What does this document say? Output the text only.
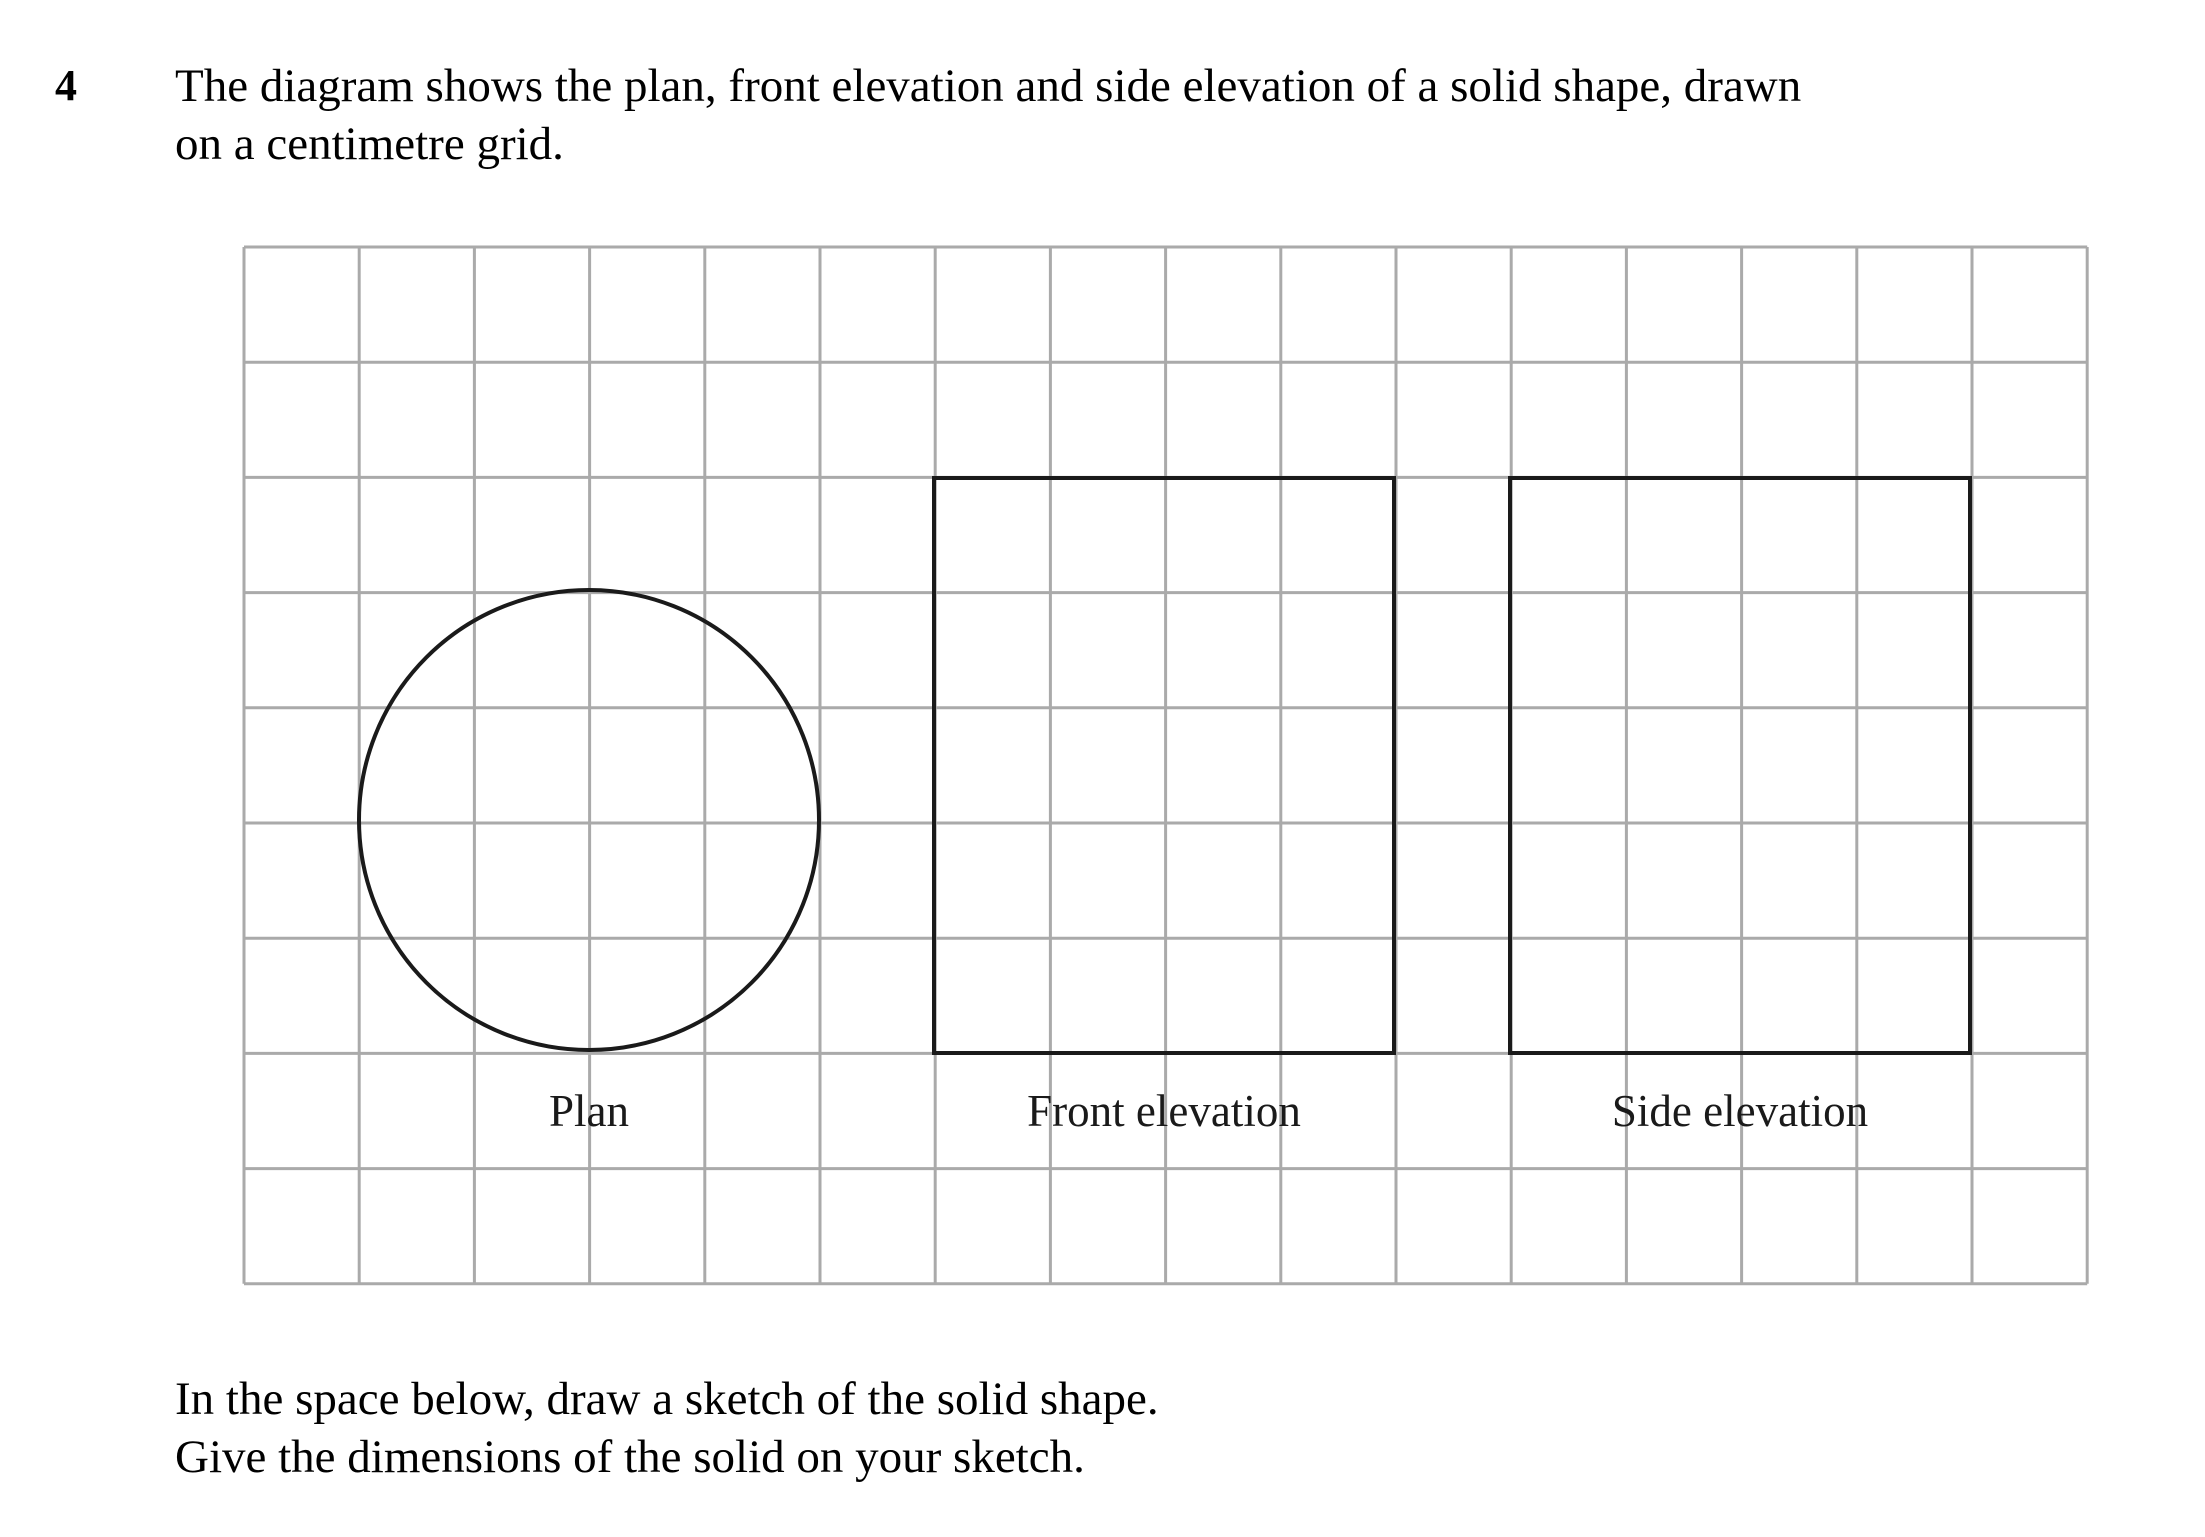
4 The diagram shows the plan, front elevation and side elevation of a solid shape, drawn
on a centimetre grid.
Plan	Front elevation	Side elevation
In the space below, draw a sketch of the solid shape.
Give the dimensions of the solid on your sketch.
